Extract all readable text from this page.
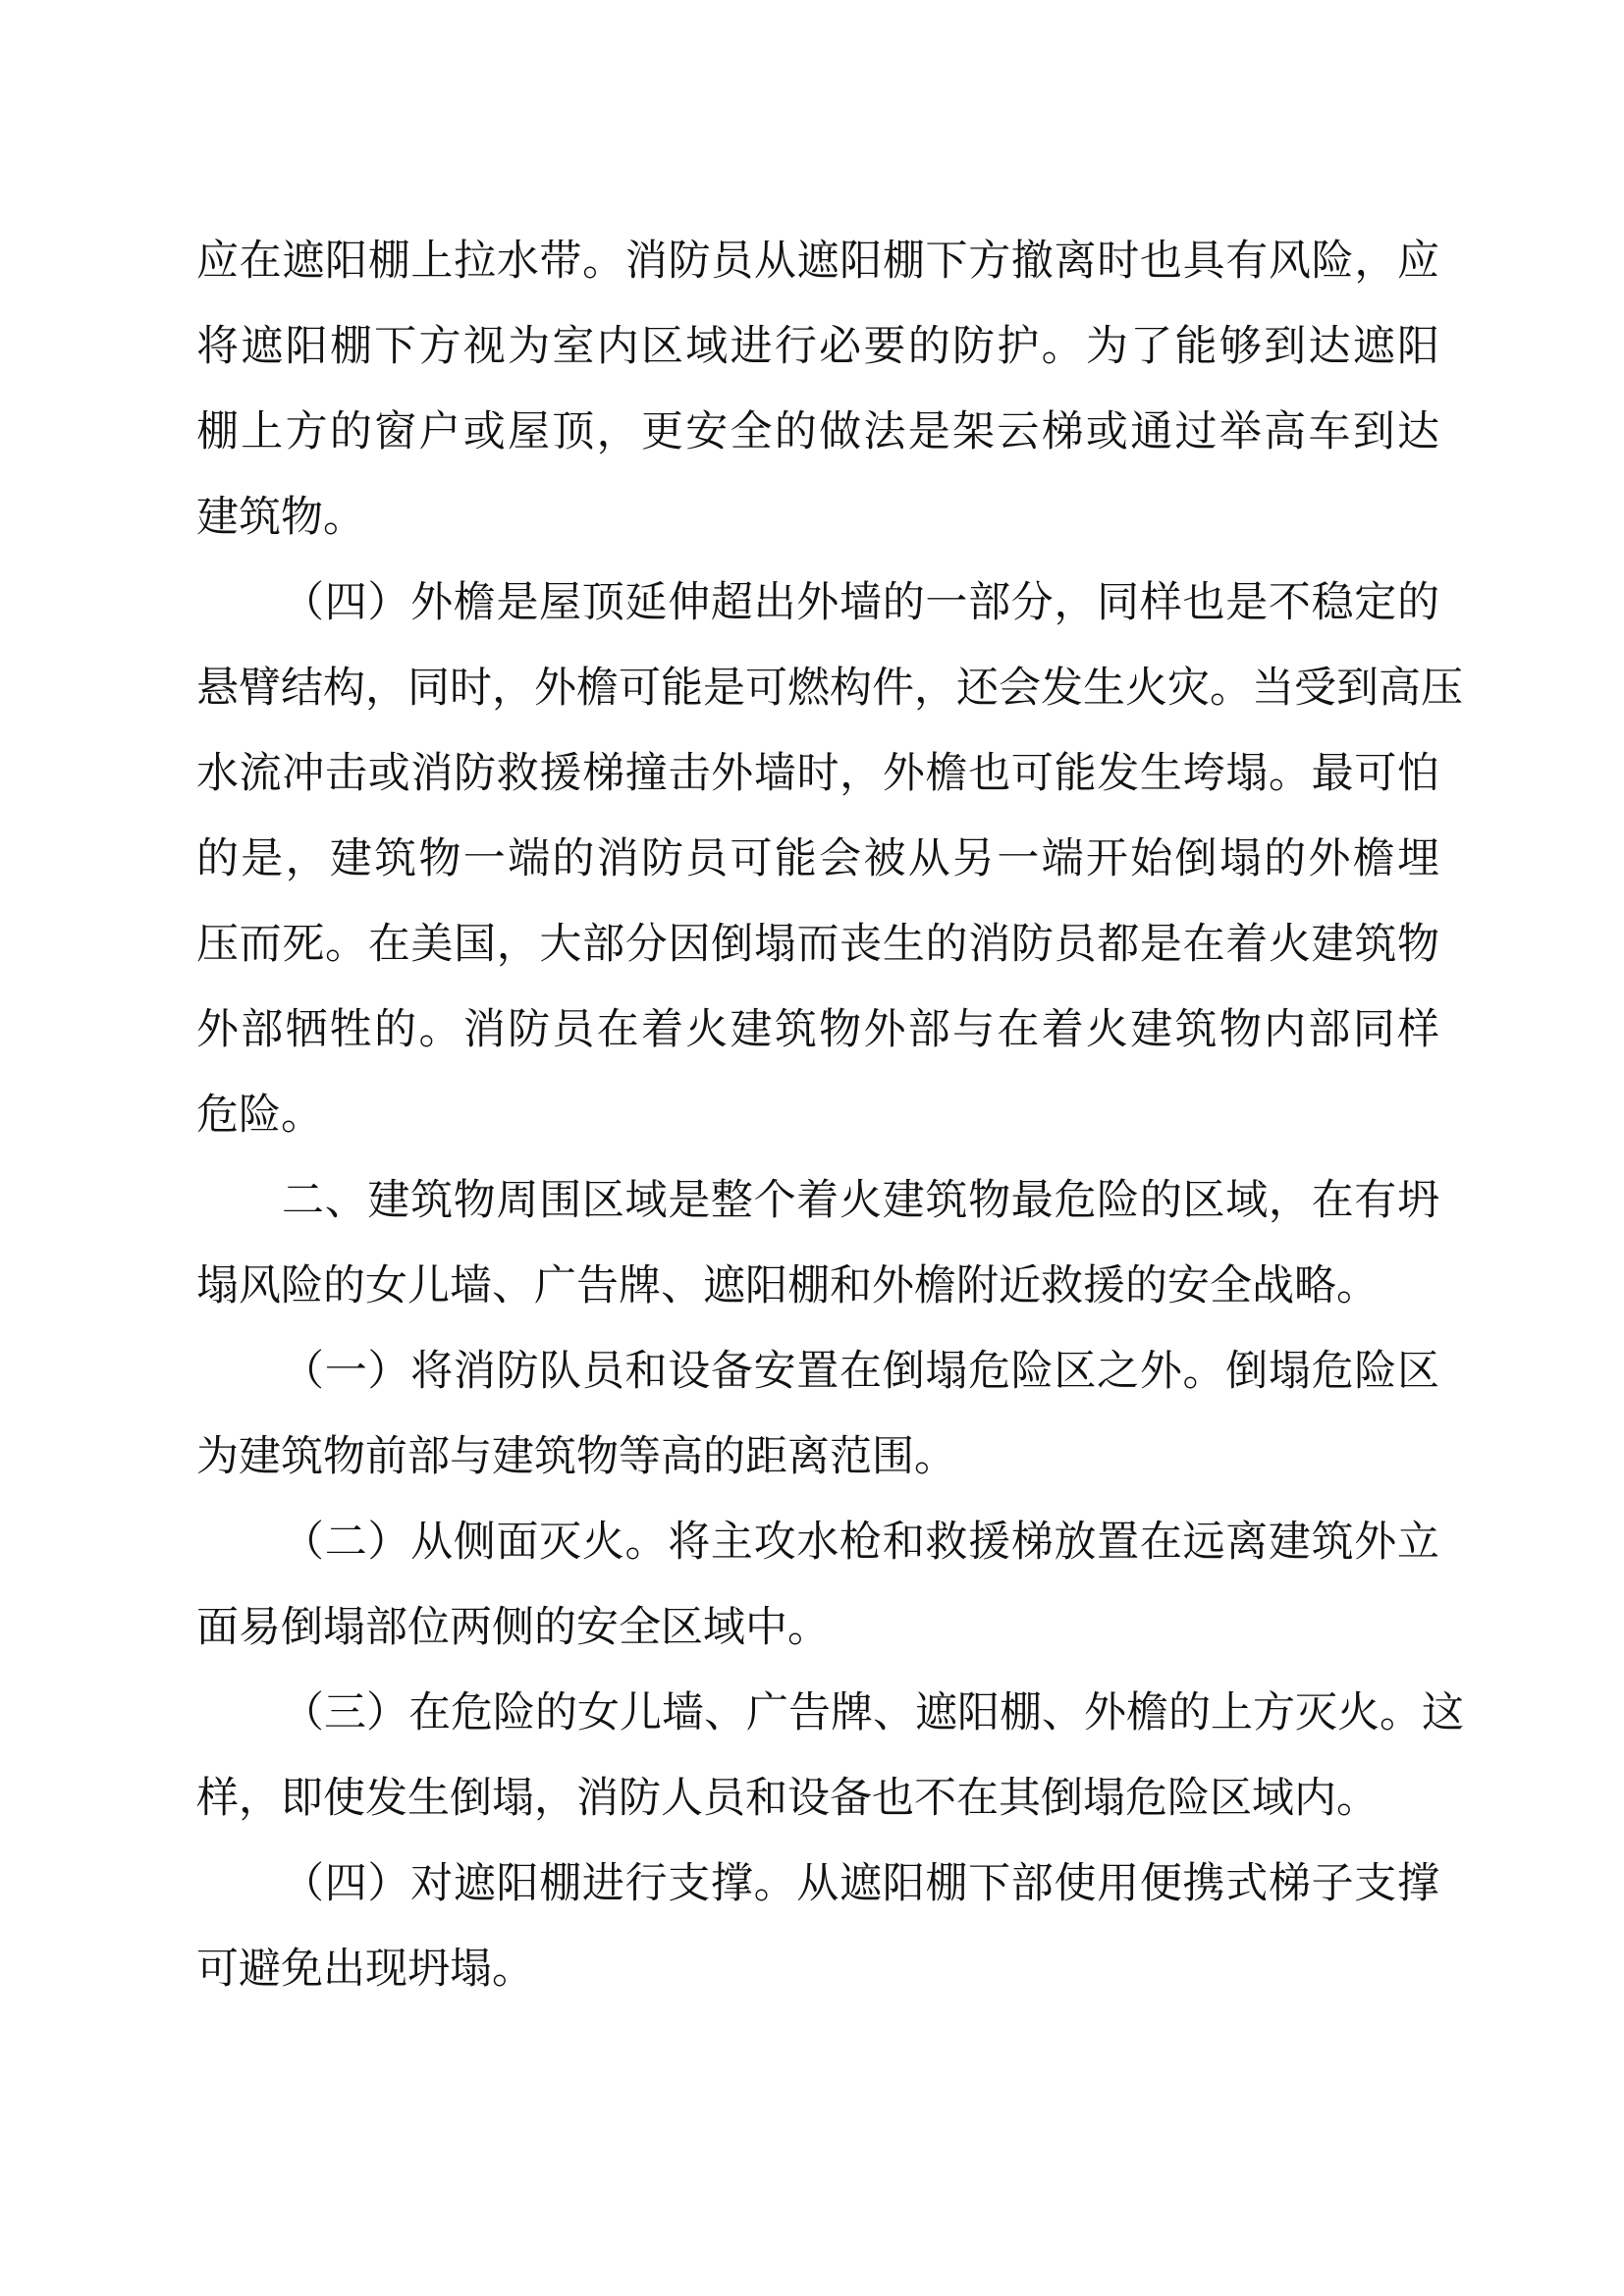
应在遮阳棚上拉水带。消防员从遮阳棚下方撤离时也具有风险，应
将遮阳棚下方视为室内区域进行必要的防护。为了能够到达遮阳
棚上方的窗户或屋顶，更安全的做法是架云梯或通过举高车到达
建筑物。
（四）外檐是屋顶延伸超出外墙的一部分，同样也是不稳定的
悬臂结构，同时，外檐可能是可燃构件，还会发生火灾。当受到高压
水流冲击或消防救援梯撞击外墙时，外檐也可能发生垮塌。最可怕
的是，建筑物一端的消防员可能会被从另一端开始倒塌的外檐埋
压而死。在美国，大部分因倒塌而丧生的消防员都是在着火建筑物
外部牺牲的。消防员在着火建筑物外部与在着火建筑物内部同样
危险。
二、建筑物周围区域是整个着火建筑物最危险的区域，在有坍
塌风险的女儿墙、广告牌、遮阳棚和外檐附近救援的安全战略。
（一）将消防队员和设备安置在倒塌危险区之外。倒塌危险区
为建筑物前部与建筑物等高的距离范围。
（二）从侧面灭火。将主攻水枪和救援梯放置在远离建筑外立
面易倒塌部位两侧的安全区域中。
（三）在危险的女儿墙、广告牌、遮阳棚、外檐的上方灭火。这
样，即使发生倒塌，消防人员和设备也不在其倒塌危险区域内。
（四）对遮阳棚进行支撑。从遮阳棚下部使用便携式梯子支撑
可避免出现坍塌。
